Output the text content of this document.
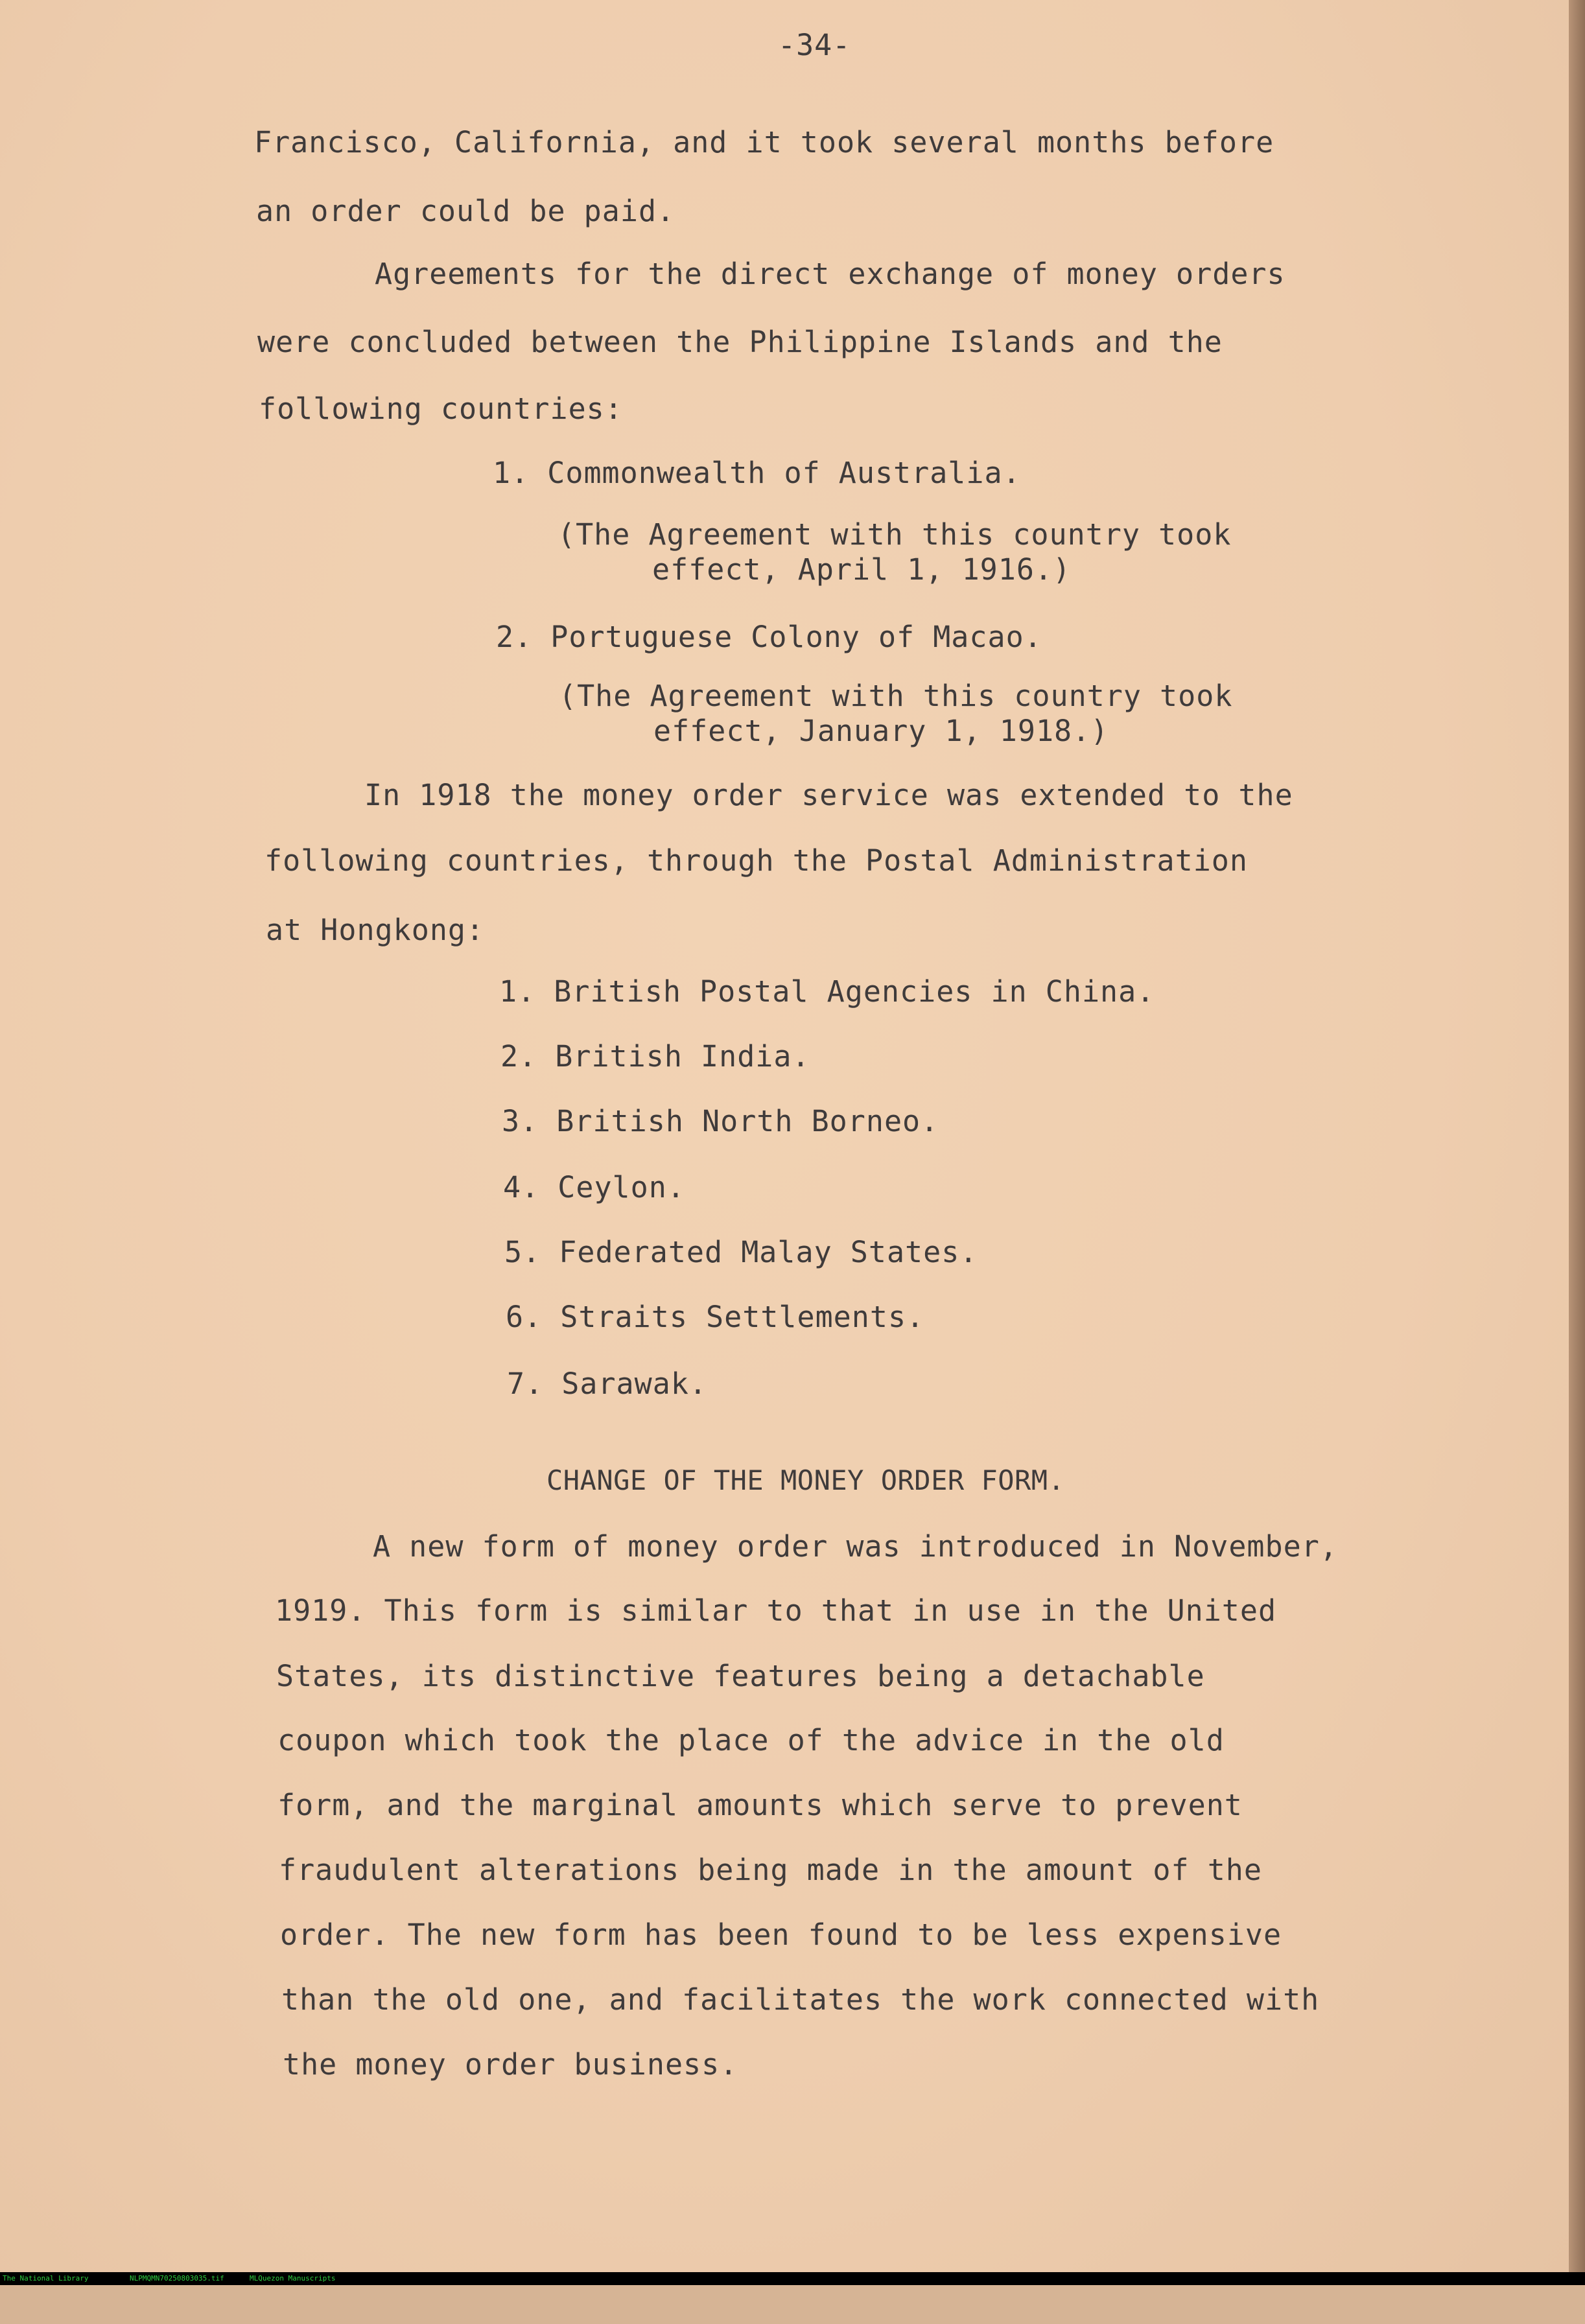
-34-
Francisco, California, and it took several months before
an order could be paid.
Agreements for the direct exchange of money orders
were concluded between the Philippine Islands and the
following countries:
1. Commonwealth of Australia.
(The Agreement with this country took
effect, April 1, 1916.)
2. Portuguese Colony of Macao.
(The Agreement with this country took
effect, January 1, 1918.)
In 1918 the money order service was extended to the
following countries, through the Postal Administration
at Hongkong:
1. British Postal Agencies in China.
2. British India.
3. British North Borneo.
4. Ceylon.
5. Federated Malay States.
6. Straits Settlements.
7. Sarawak.
CHANGE OF THE MONEY ORDER FORM.
A new form of money order was introduced in November,
1919. This form is similar to that in use in the United
States, its distinctive features being a detachable
coupon which took the place of the advice in the old
form, and the marginal amounts which serve to prevent
fraudulent alterations being made in the amount of the
order. The new form has been found to be less expensive
than the old one, and facilitates the work connected with
the money order business.

The National Library

	NLPMQMN70250803035.tif

	MLQuezon Manuscripts
